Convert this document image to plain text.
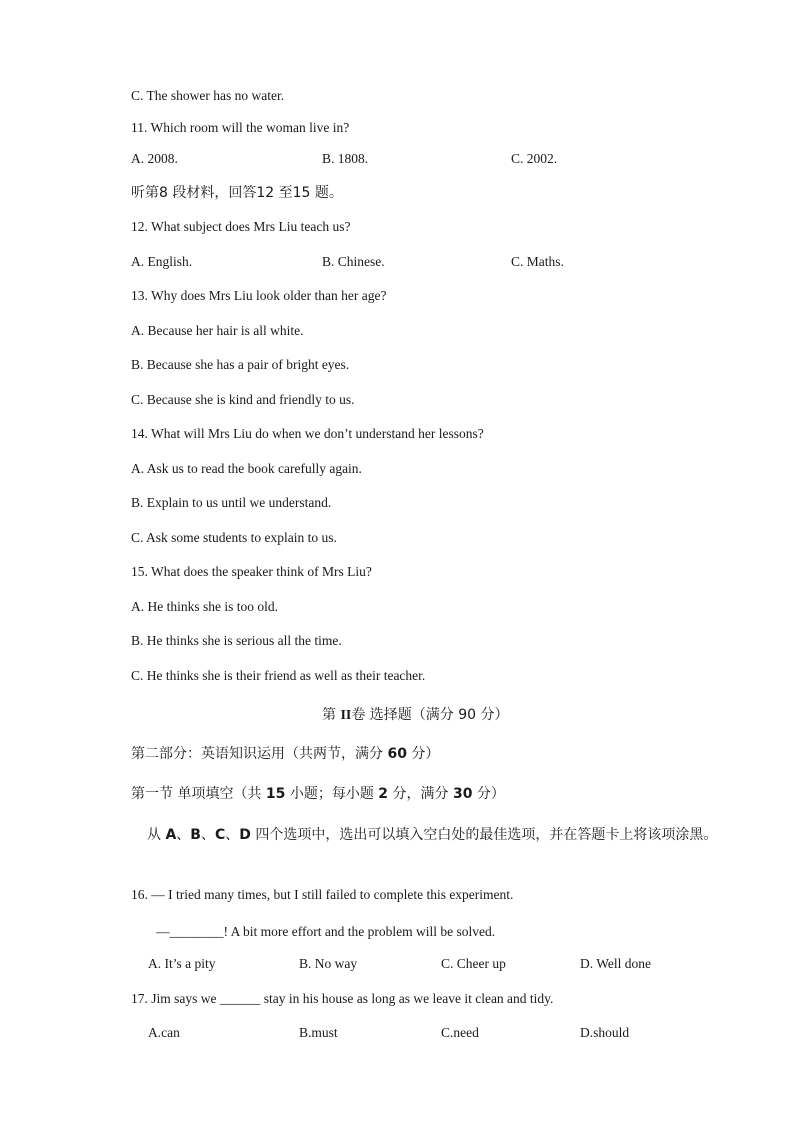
C. The shower has no water.
11. Which room will the woman live in?
A. 2008.	B. 1808.	C. 2002.
听第8 段材料，回答12 至15 题。
12. What subject does Mrs Liu teach us?
A. English.	B. Chinese.	C. Maths.
13. Why does Mrs Liu look older than her age?
A. Because her hair is all white.
B. Because she has a pair of bright eyes.
C. Because she is kind and friendly to us.
14. What will Mrs Liu do when we don’t understand her lessons?
A. Ask us to read the book carefully again.
B. Explain to us until we understand.
C. Ask some students to explain to us.
15. What does the speaker think of Mrs Liu?
A. He thinks she is too old.
B. He thinks she is serious all the time.
C. He thinks she is their friend as well as their teacher.
第 II卷 选择题（满分 90 分）
第二部分：英语知识运用（共两节，满分 60 分）
第一节 单项填空（共 15 小题；每小题 2 分，满分 30 分）
从 A、B、C、D 四个选项中，选出可以填入空白处的最佳选项，并在答题卡上将该项涂黑。
16. — I tried many times, but I still failed to complete this experiment.
—________! A bit more effort and the problem will be solved.
A. It’s a pity	B. No way	C. Cheer up	D. Well done
17. Jim says we ______ stay in his house as long as we leave it clean and tidy.
A.can	B.must	C.need	D.should
